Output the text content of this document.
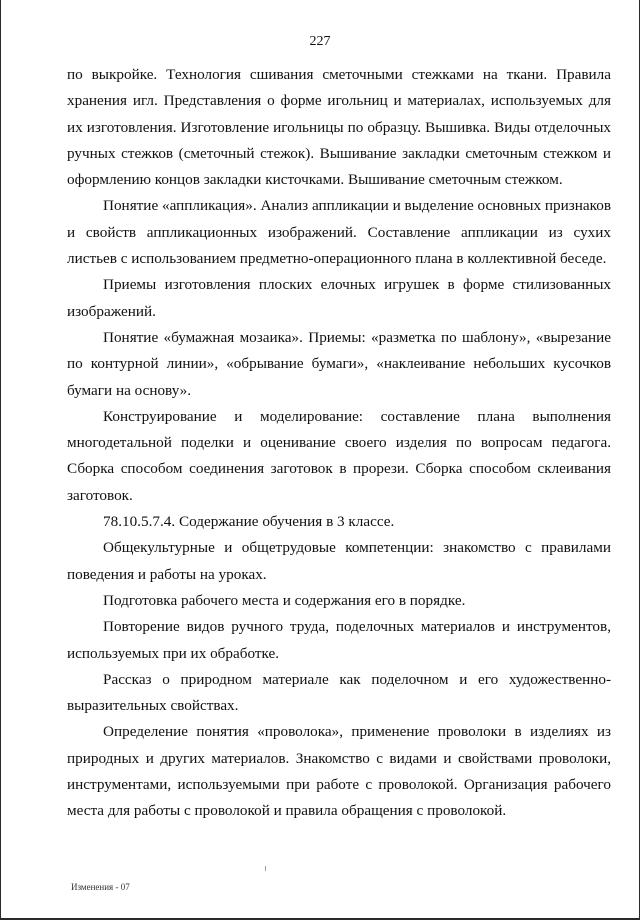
227

по выкройке. Технология сшивания сметочными стежками на ткани. Правила хранения игл. Представления о форме игольниц и материалах, используемых для их изготовления. Изготовление игольницы по образцу. Вышивка. Виды отделочных ручных стежков (сметочный стежок). Вышивание закладки сметочным стежком и оформлению концов закладки кисточками. Вышивание сметочным стежком.

Понятие «аппликация». Анализ аппликации и выделение основных признаков и свойств аппликационных изображений. Составление аппликации из сухих листьев с использованием предметно-операционного плана в коллективной беседе.

Приемы изготовления плоских елочных игрушек в форме стилизованных изображений.

Понятие «бумажная мозаика». Приемы: «разметка по шаблону», «вырезание по контурной линии», «обрывание бумаги», «наклеивание небольших кусочков бумаги на основу».

Конструирование и моделирование: составление плана выполнения многодетальной поделки и оценивание своего изделия по вопросам педагога. Сборка способом соединения заготовок в прорези. Сборка способом склеивания заготовок.

78.10.5.7.4. Содержание обучения в 3 классе.

Общекультурные и общетрудовые компетенции: знакомство с правилами поведения и работы на уроках.

Подготовка рабочего места и содержания его в порядке.

Повторение видов ручного труда, поделочных материалов и инструментов, используемых при их обработке.

Рассказ о природном материале как поделочном и его художественно-выразительных свойствах.

Определение понятия «проволока», применение проволоки в изделиях из природных и других материалов. Знакомство с видами и свойствами проволоки, инструментами, используемыми при работе с проволокой. Организация рабочего места для работы с проволокой и правила обращения с проволокой.

Изменения - 07
